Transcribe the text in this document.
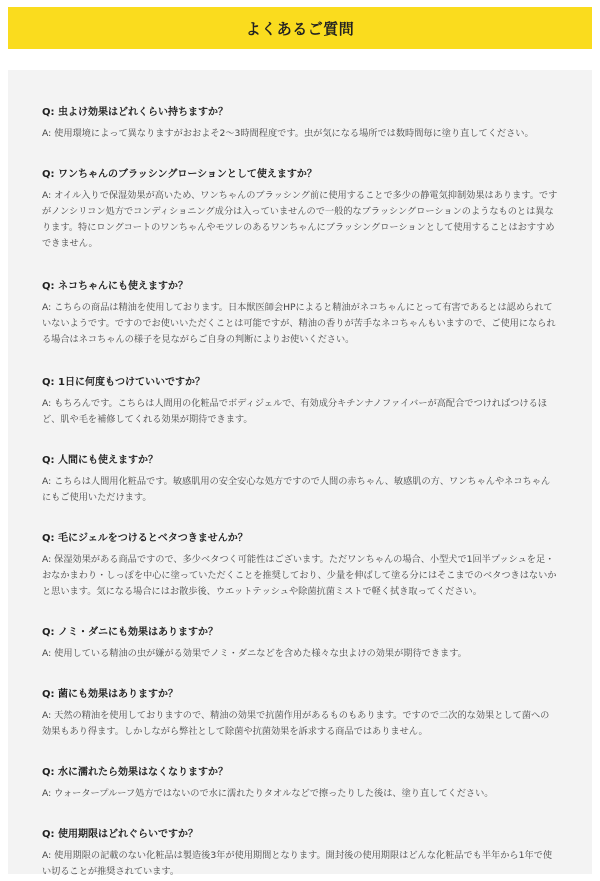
よくあるご質問

Q: 虫よけ効果はどれくらい持ちますか？

A: 使用環境によって異なりますがおおよそ2〜3時間程度です。虫が気になる場所では数時間毎に塗り直してください。

Q: ワンちゃんのブラッシングローションとして使えますか？

A: オイル入りで保湿効果が高いため、ワンちゃんのブラッシング前に使用することで多少の静電気抑制効果はあります。ですがノンシリコン処方でコンディショニング成分は入っていませんので一般的なブラッシングローションのようなものとは異なります。特にロングコートのワンちゃんやモツレのあるワンちゃんにブラッシングローションとして使用することはおすすめできません。

Q: ネコちゃんにも使えますか？

A: こちらの商品は精油を使用しております。日本獣医師会HPによると精油がネコちゃんにとって有害であるとは認められていないようです。ですのでお使いいただくことは可能ですが、精油の香りが苦手なネコちゃんもいますので、ご使用になられる場合はネコちゃんの様子を見ながらご自身の判断によりお使いください。

Q: 1日に何度もつけていいですか？

A: もちろんです。こちらは人間用の化粧品でボディジェルで、有効成分キチンナノファイバーが高配合でつければつけるほど、肌や毛を補修してくれる効果が期待できます。

Q: 人間にも使えますか？

A: こちらは人間用化粧品です。敏感肌用の安全安心な処方ですので人間の赤ちゃん、敏感肌の方、ワンちゃんやネコちゃんにもご使用いただけます。

Q: 毛にジェルをつけるとベタつきませんか？

A: 保湿効果がある商品ですので、多少ベタつく可能性はございます。ただワンちゃんの場合、小型犬で1回半プッシュを足・おなかまわり・しっぽを中心に塗っていただくことを推奨しており、少量を伸ばして塗る分にはそこまでのベタつきはないかと思います。気になる場合にはお散歩後、ウエットテッシュや除菌抗菌ミストで軽く拭き取ってください。

Q: ノミ・ダニにも効果はありますか？

A: 使用している精油の虫が嫌がる効果でノミ・ダニなどを含めた様々な虫よけの効果が期待できます。

Q: 菌にも効果はありますか？

A: 天然の精油を使用しておりますので、精油の効果で抗菌作用があるものもあります。ですので二次的な効果として菌への効果もあり得ます。しかしながら弊社として除菌や抗菌効果を訴求する商品ではありません。

Q: 水に濡れたら効果はなくなりますか？

A: ウォータープルーフ処方ではないので水に濡れたりタオルなどで擦ったりした後は、塗り直してください。

Q: 使用期限はどれぐらいですか？

A: 使用期限の記載のない化粧品は製造後3年が使用期間となります。開封後の使用期限はどんな化粧品でも半年から1年で使い切ることが推奨されています。
